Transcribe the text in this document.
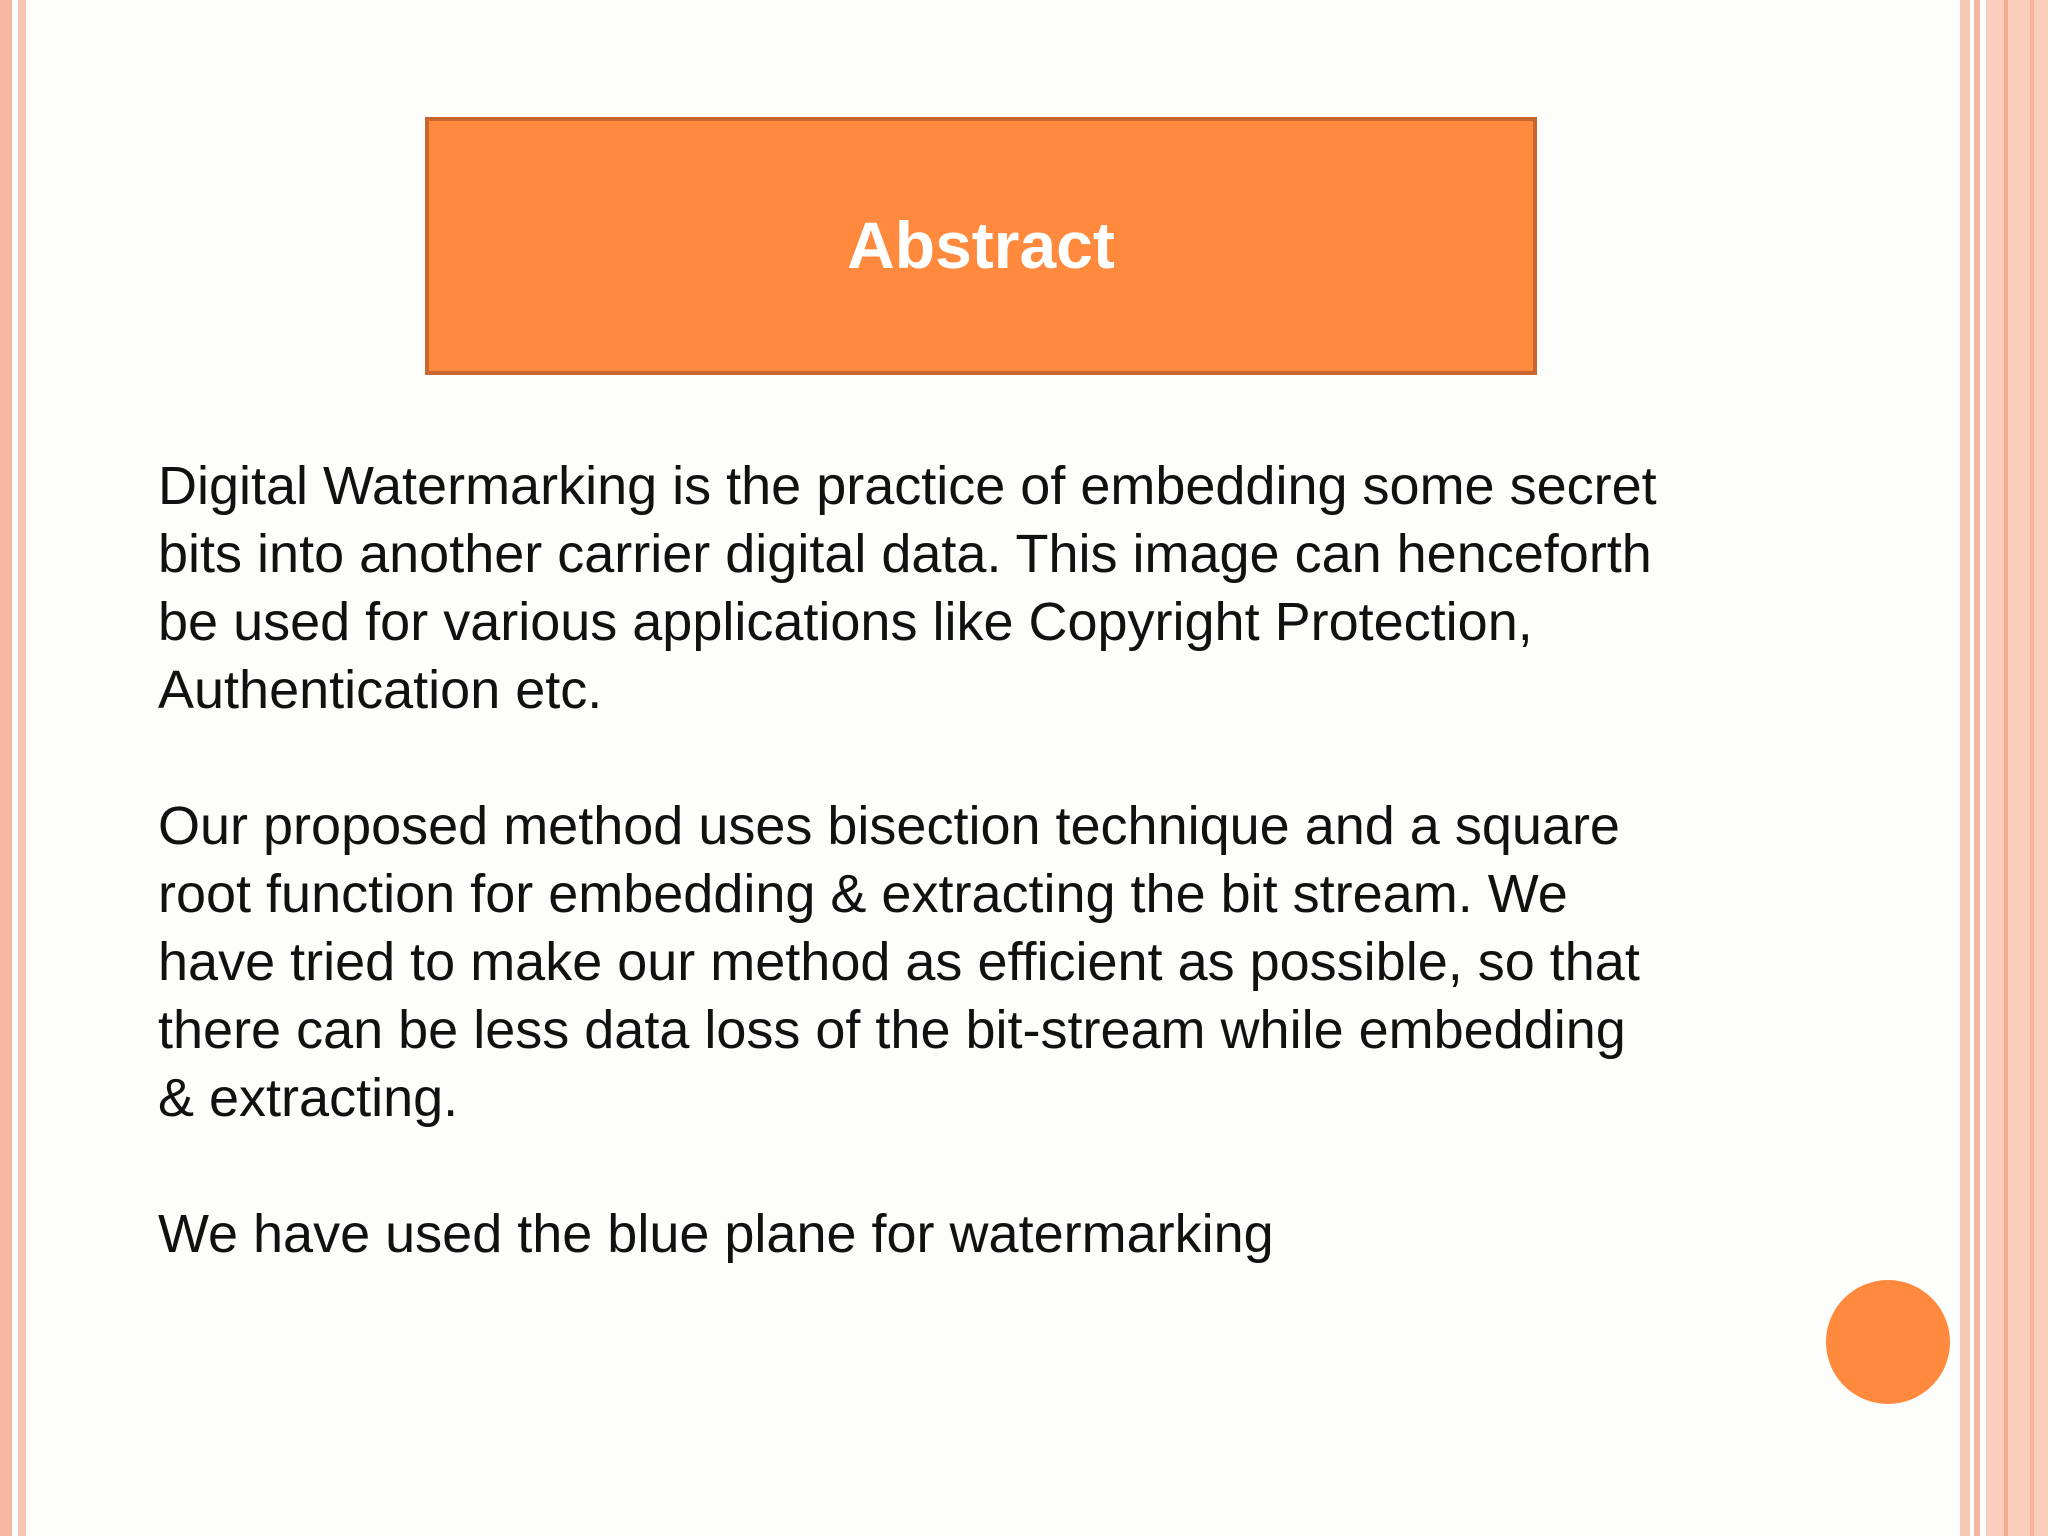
Abstract

Digital Watermarking is the practice of embedding some secret
bits into another carrier digital data. This image can henceforth
be used for various applications like Copyright Protection,
Authentication etc.

Our proposed method uses bisection technique and a square
root function for embedding & extracting the bit stream. We
have tried to make our method as efficient as possible, so that
there can be less data loss of the bit-stream while embedding
& extracting.

We have used the blue plane for watermarking
